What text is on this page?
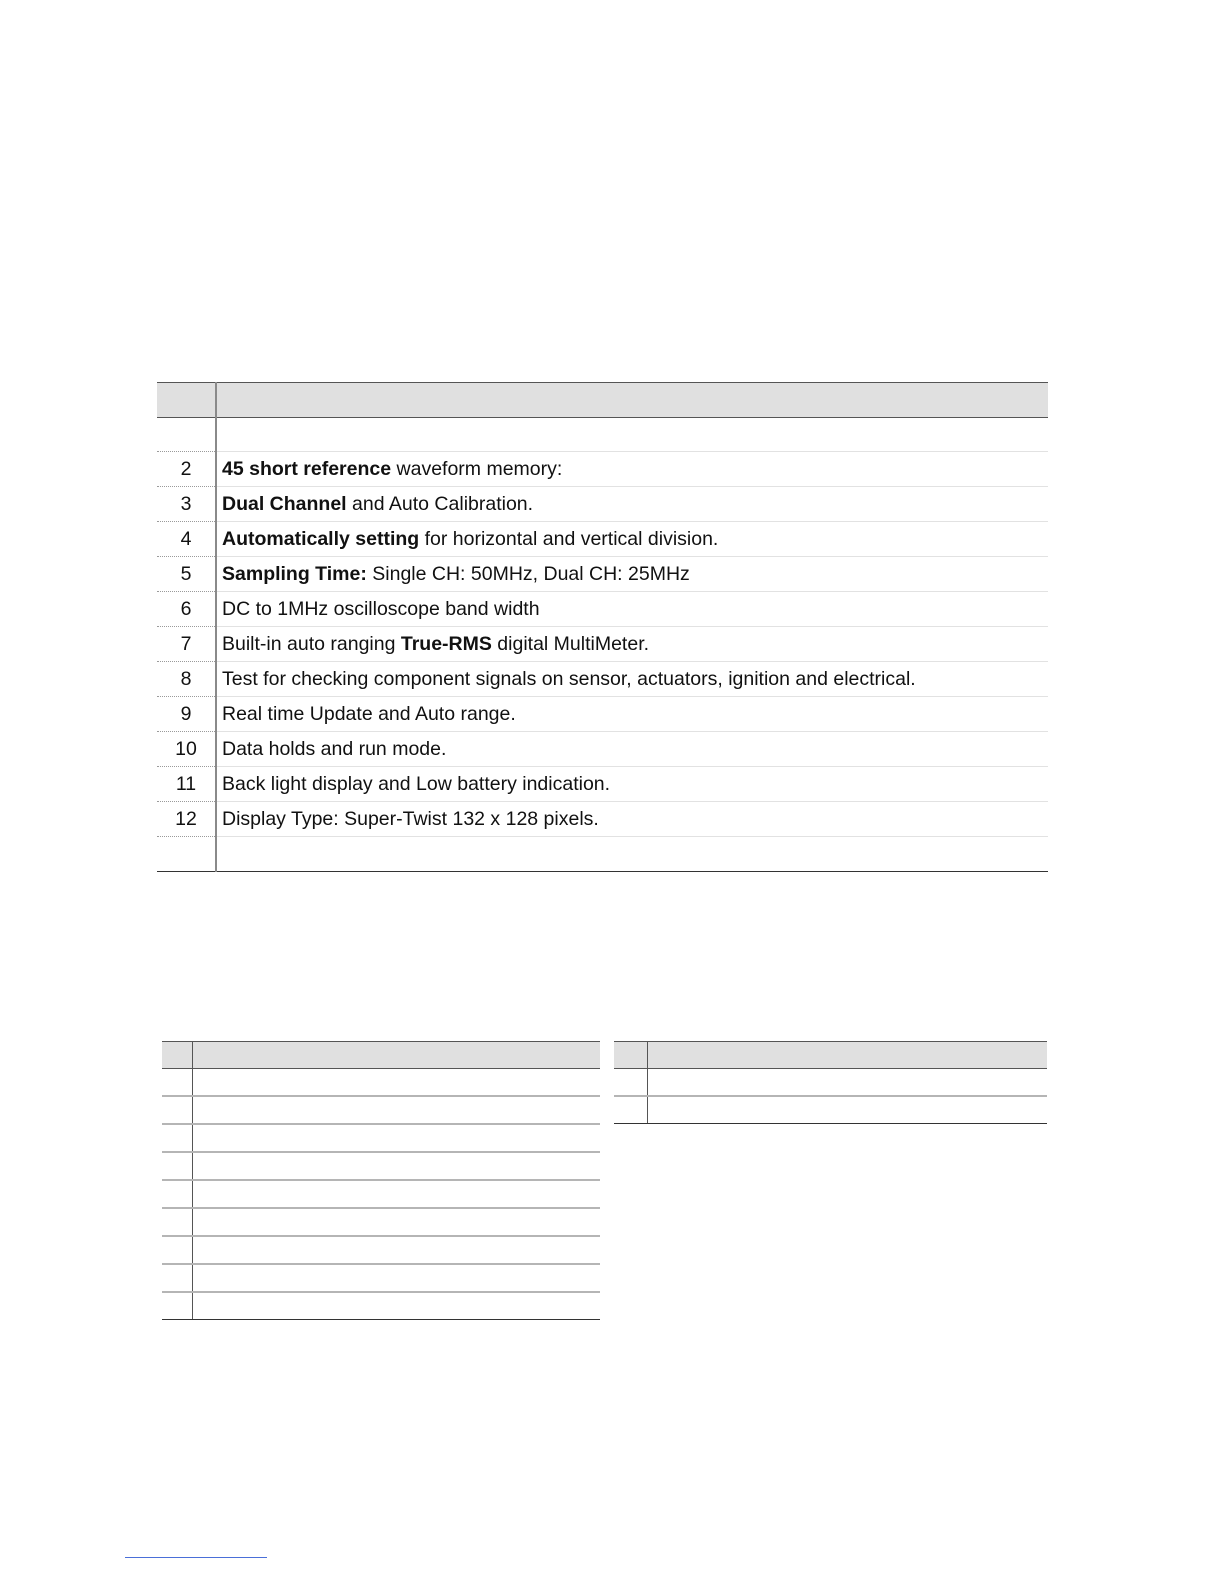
2	45 short reference waveform memory:
3	Dual Channel and Auto Calibration.
4	Automatically setting for horizontal and vertical division.
5	Sampling Time: Single CH: 50MHz, Dual CH: 25MHz
6	DC to 1MHz oscilloscope band width
7	Built-in auto ranging True-RMS digital MultiMeter.
8	Test for checking component signals on sensor, actuators, ignition and electrical.
9	Real time Update and Auto range.
10	Data holds and run mode.
11	Back light display and Low battery indication.
12	Display Type: Super-Twist 132 x 128 pixels.
